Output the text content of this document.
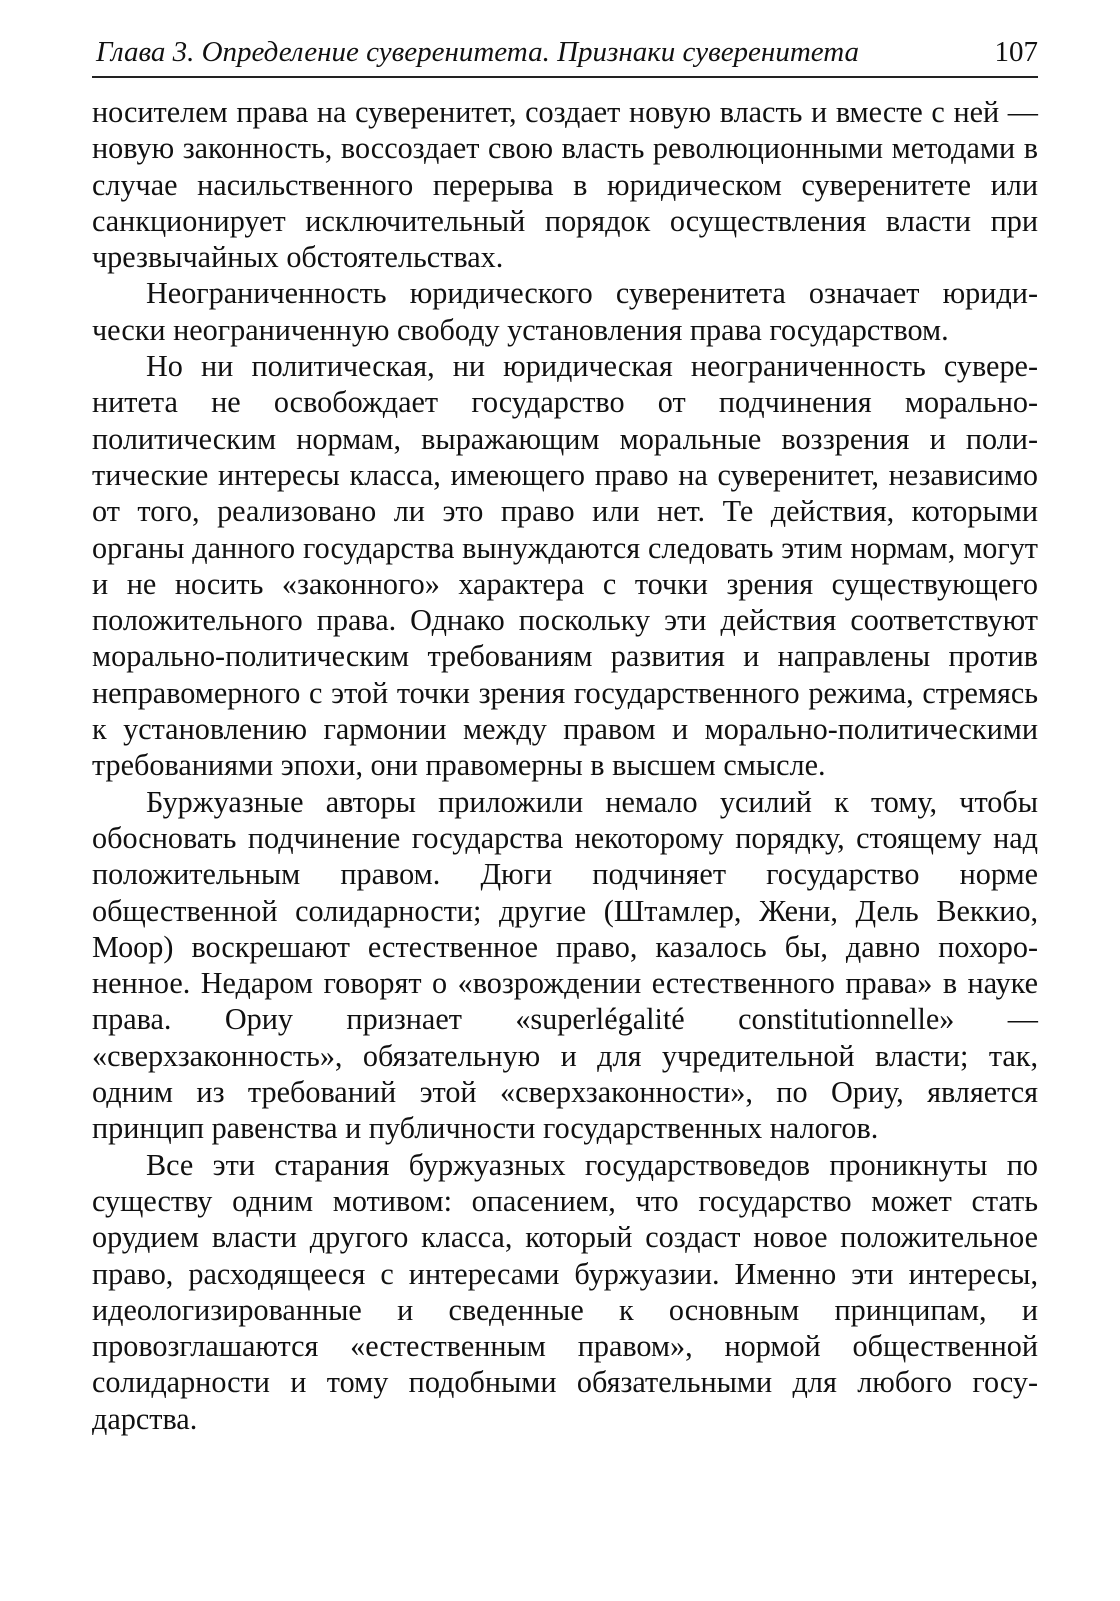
Глава 3. Определение суверенитета. Признаки суверенитета	107

носителем права на суверенитет, создает новую власть и вместе с ней — новую законность, воссоздает свою власть революционными методами в случае насильственного перерыва в юридическом суверенитете или санкционирует исключительный порядок осуществления власти при чрезвычайных обстоятельствах.

Неограниченность юридического суверенитета означает юридически неограниченную свободу установления права государством.

Но ни политическая, ни юридическая неограниченность суверенитета не освобождает государство от подчинения морально-политическим нормам, выражающим моральные воззрения и политические интересы класса, имеющего право на суверенитет, независимо от того, реализовано ли это право или нет. Те действия, которыми органы данного государства вынуждаются следовать этим нормам, могут и не носить «законного» характера с точки зрения существующего положительного права. Однако поскольку эти действия соответствуют морально-политическим требованиям развития и направлены против неправомерного с этой точки зрения государственного режима, стремясь к установлению гармонии между правом и морально-политическими требованиями эпохи, они правомерны в высшем смысле.

Буржуазные авторы приложили немало усилий к тому, чтобы обосновать подчинение государства некоторому порядку, стоящему над положительным правом. Дюги подчиняет государство норме общественной солидарности; другие (Штамлер, Жени, Дель Веккио, Моор) воскрешают естественное право, казалось бы, давно похороненное. Недаром говорят о «возрождении естественного права» в науке права. Ориу признает «superlégalité constitutionnelle» — «сверхзаконность», обязательную и для учредительной власти; так, одним из требований этой «сверхзаконности», по Ориу, является принцип равенства и публичности государственных налогов.

Все эти старания буржуазных государствоведов проникнуты по существу одним мотивом: опасением, что государство может стать орудием власти другого класса, который создаст новое положительное право, расходящееся с интересами буржуазии. Именно эти интересы, идеологизированные и сведенные к основным принципам, и провозглашаются «естественным правом», нормой общественной солидарности и тому подобными обязательными для любого государства.
